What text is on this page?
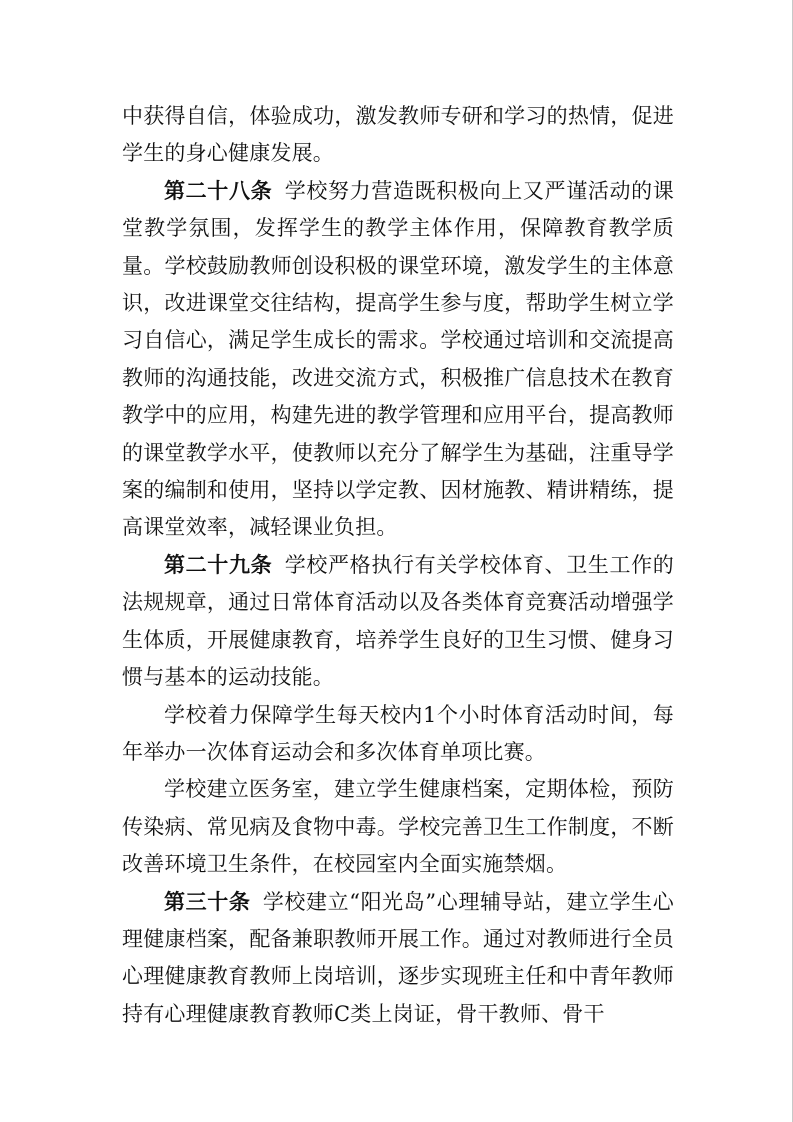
中获得自信，体验成功，激发教师专研和学习的热情，促进学生的身心健康发展。

第二十八条 学校努力营造既积极向上又严谨活动的课堂教学氛围，发挥学生的教学主体作用，保障教育教学质量。学校鼓励教师创设积极的课堂环境，激发学生的主体意识，改进课堂交往结构，提高学生参与度，帮助学生树立学习自信心，满足学生成长的需求。学校通过培训和交流提高教师的沟通技能，改进交流方式，积极推广信息技术在教育教学中的应用，构建先进的教学管理和应用平台，提高教师的课堂教学水平，使教师以充分了解学生为基础，注重导学案的编制和使用，坚持以学定教、因材施教、精讲精练，提高课堂效率，减轻课业负担。

第二十九条 学校严格执行有关学校体育、卫生工作的法规规章，通过日常体育活动以及各类体育竞赛活动增强学生体质，开展健康教育，培养学生良好的卫生习惯、健身习惯与基本的运动技能。

学校着力保障学生每天校内1个小时体育活动时间，每年举办一次体育运动会和多次体育单项比赛。

学校建立医务室，建立学生健康档案，定期体检，预防传染病、常见病及食物中毒。学校完善卫生工作制度，不断改善环境卫生条件，在校园室内全面实施禁烟。

第三十条 学校建立“阳光岛”心理辅导站，建立学生心理健康档案，配备兼职教师开展工作。通过对教师进行全员心理健康教育教师上岗培训，逐步实现班主任和中青年教师持有心理健康教育教师C类上岗证，骨干教师、骨干
